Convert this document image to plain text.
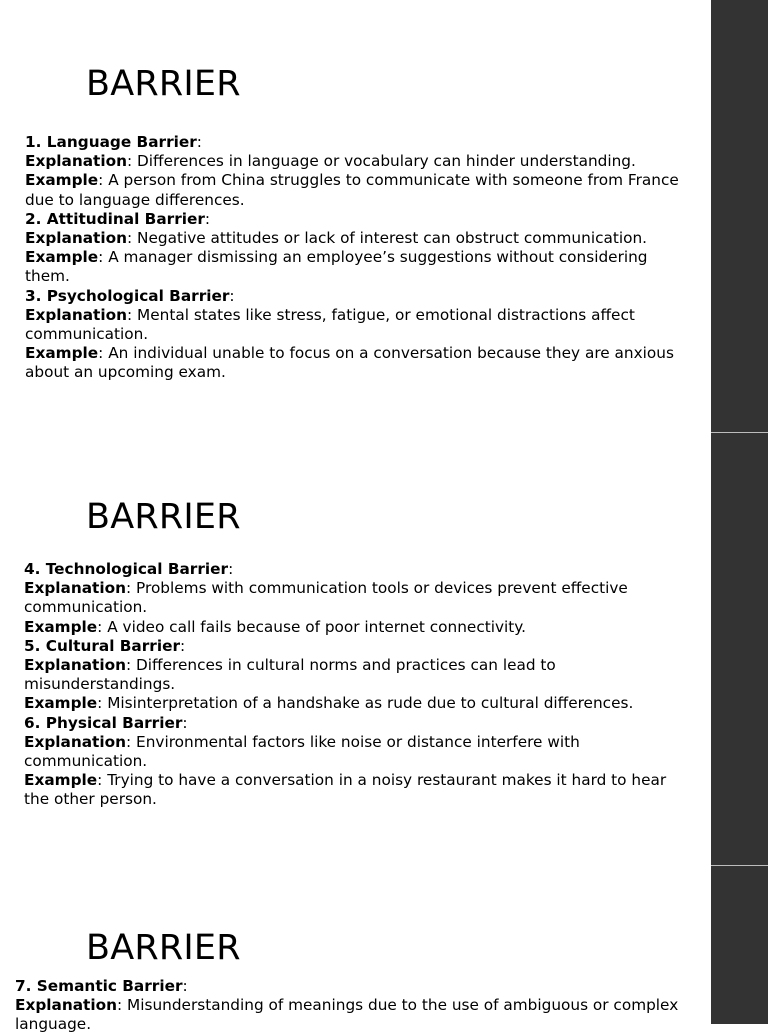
BARRIER

1. Language Barrier:

Explanation: Differences in language or vocabulary can hinder understanding.

Example: A person from China struggles to communicate with someone from France due to language differences.

2. Attitudinal Barrier:

Explanation: Negative attitudes or lack of interest can obstruct communication.

Example: A manager dismissing an employee’s suggestions without considering them.

3. Psychological Barrier:

Explanation: Mental states like stress, fatigue, or emotional distractions affect communication.

Example: An individual unable to focus on a conversation because they are anxious about an upcoming exam.

BARRIER

4. Technological Barrier:

Explanation: Problems with communication tools or devices prevent effective communication.

Example: A video call fails because of poor internet connectivity.

5. Cultural Barrier:

Explanation: Differences in cultural norms and practices can lead to misunderstandings.

Example: Misinterpretation of a handshake as rude due to cultural differences.

6. Physical Barrier:

Explanation: Environmental factors like noise or distance interfere with communication.

Example: Trying to have a conversation in a noisy restaurant makes it hard to hear the other person.

BARRIER

7. Semantic Barrier:

Explanation: Misunderstanding of meanings due to the use of ambiguous or complex language.
